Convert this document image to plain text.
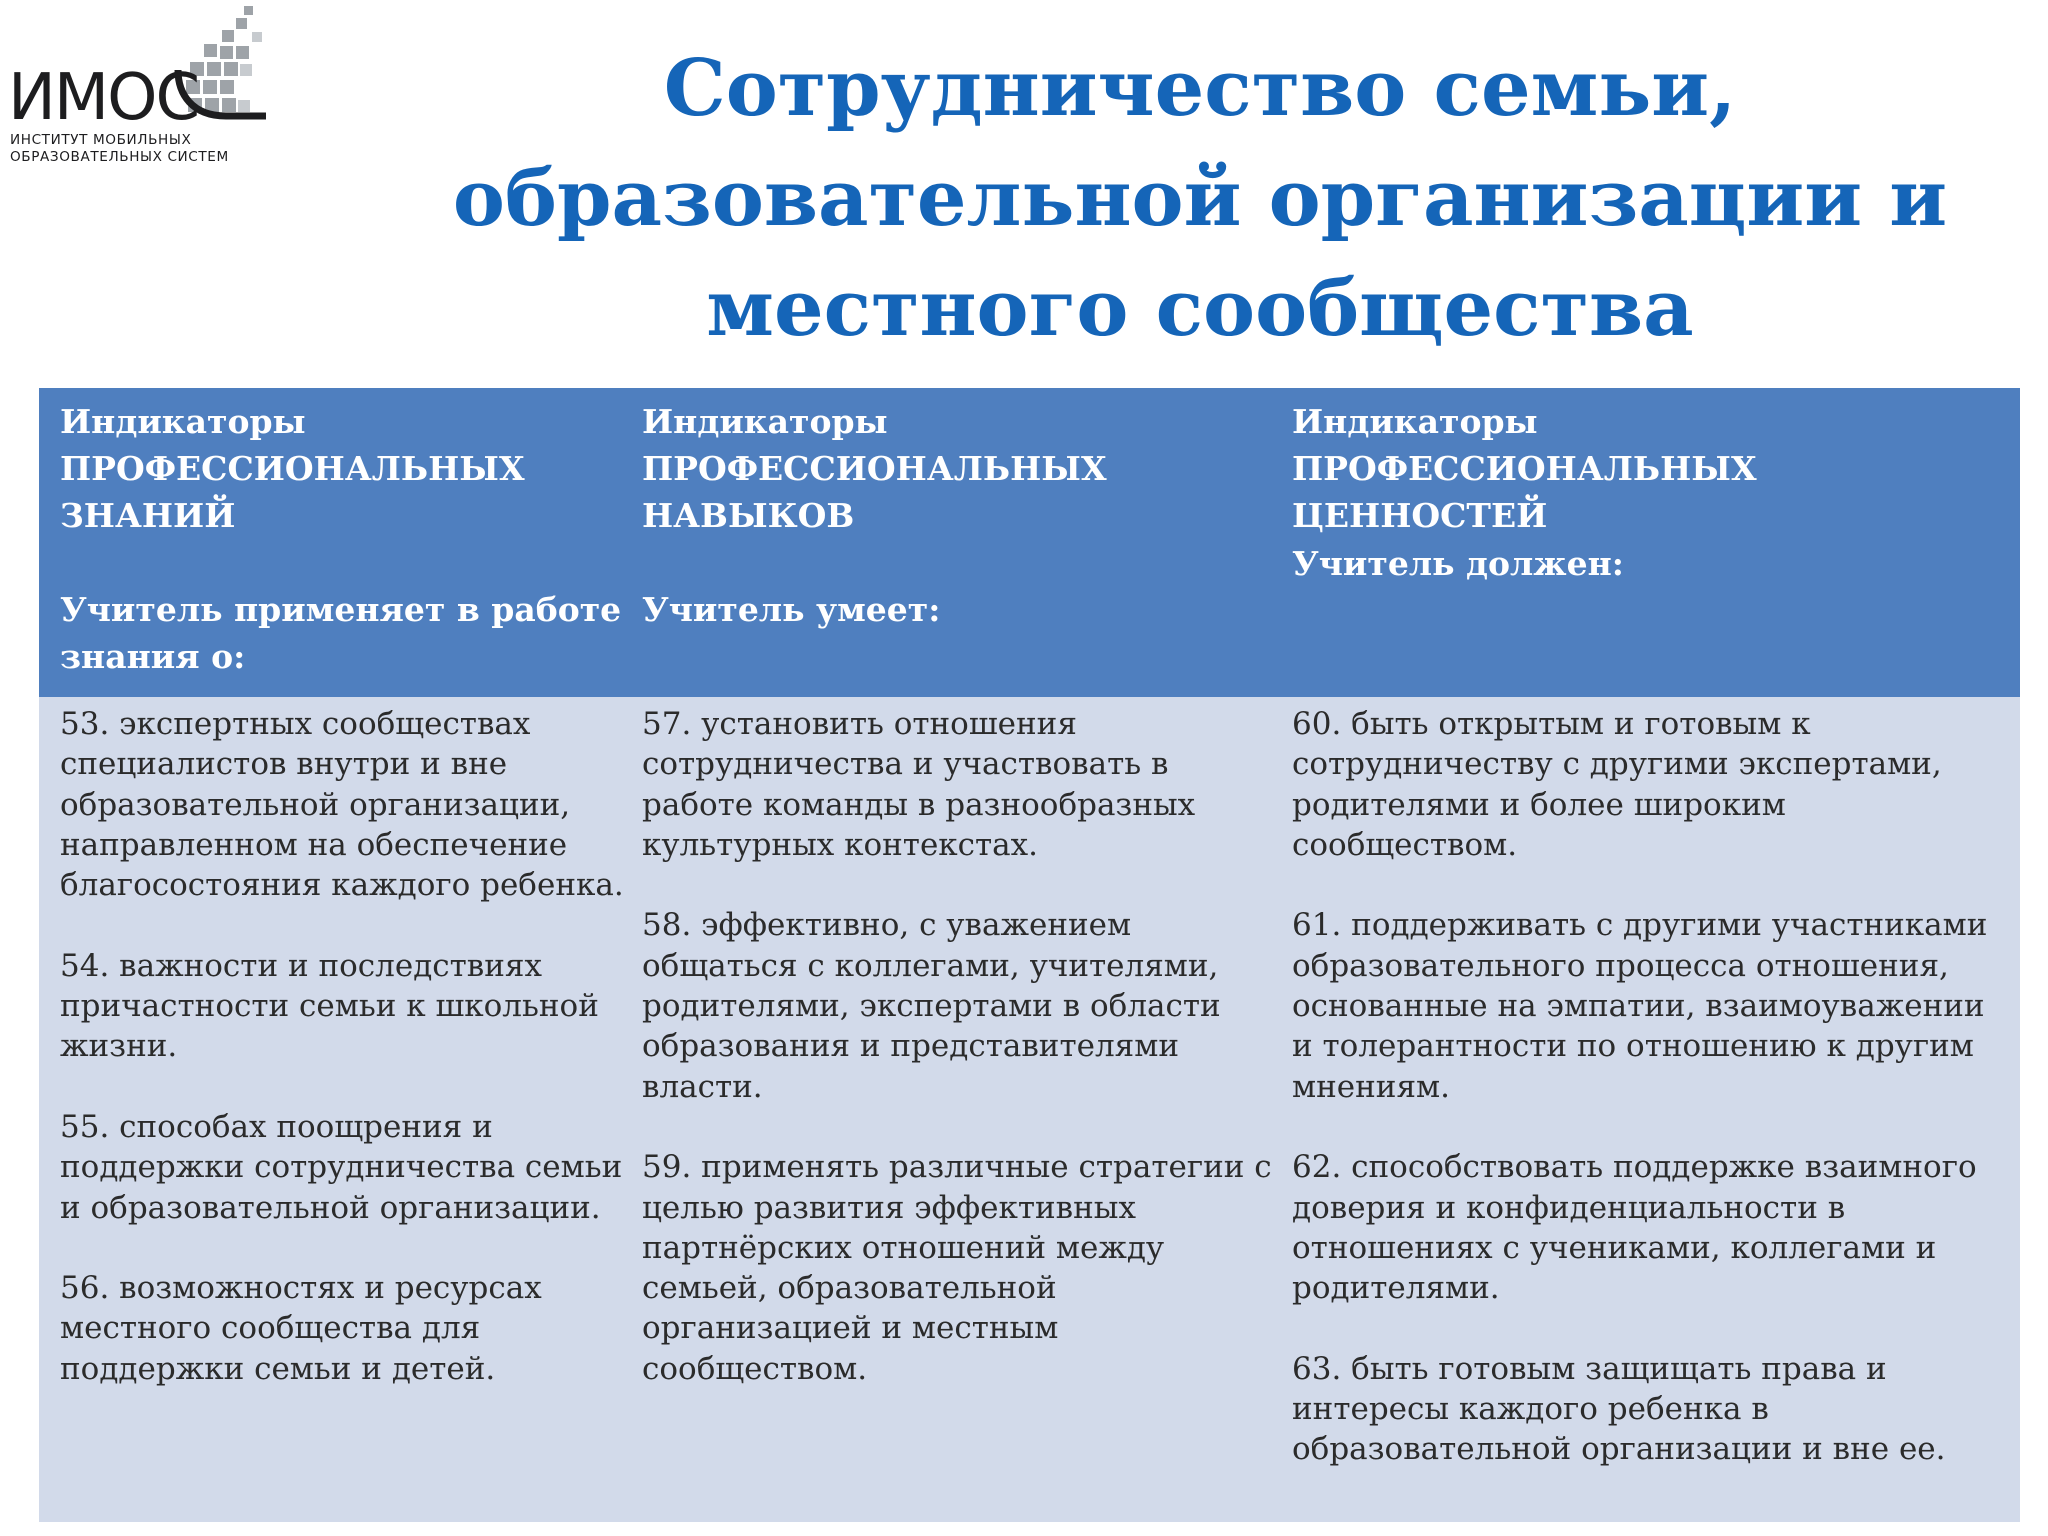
ИМОС
ИНСТИТУТ МОБИЛЬНЫХ
ОБРАЗОВАТЕЛЬНЫХ СИСТЕМ
Сотрудничество семьи,
образовательной организации и
местного сообщества
Индикаторы
ПРОФЕССИОНАЛЬНЫХ
ЗНАНИЙ
Учитель применяет в работе знания о:
Индикаторы
ПРОФЕССИОНАЛЬНЫХ
НАВЫКОВ
Учитель умеет:
Индикаторы
ПРОФЕССИОНАЛЬНЫХ ЦЕННОСТЕЙ
Учитель должен:

53. экспертных сообществах специалистов внутри и вне образовательной организации, направленном на обеспечение благосостояния каждого ребенка.

54. важности и последствиях причастности семьи к школьной жизни.

55. способах поощрения и поддержки сотрудничества семьи и образовательной организации.

56. возможностях и ресурсах местного сообщества для поддержки семьи и детей.

57. установить отношения сотрудничества и участвовать в работе команды в разнообразных культурных контекстах.

58. эффективно, с уважением общаться с коллегами, учителями, родителями, экспертами в области образования и представителями власти.

59. применять различные стратегии с целью развития эффективных партнёрских отношений между семьей, образовательной организацией и местным сообществом.

60. быть открытым и готовым к сотрудничеству с другими экспертами, родителями и более широким сообществом.

61. поддерживать с другими участниками образовательного процесса отношения, основанные на эмпатии, взаимоуважении и толерантности по отношению к другим мнениям.

62. способствовать поддержке взаимного доверия и конфиденциальности в отношениях с учениками, коллегами и родителями.

63. быть готовым защищать права и интересы каждого ребенка в образовательной организации и вне ее.
